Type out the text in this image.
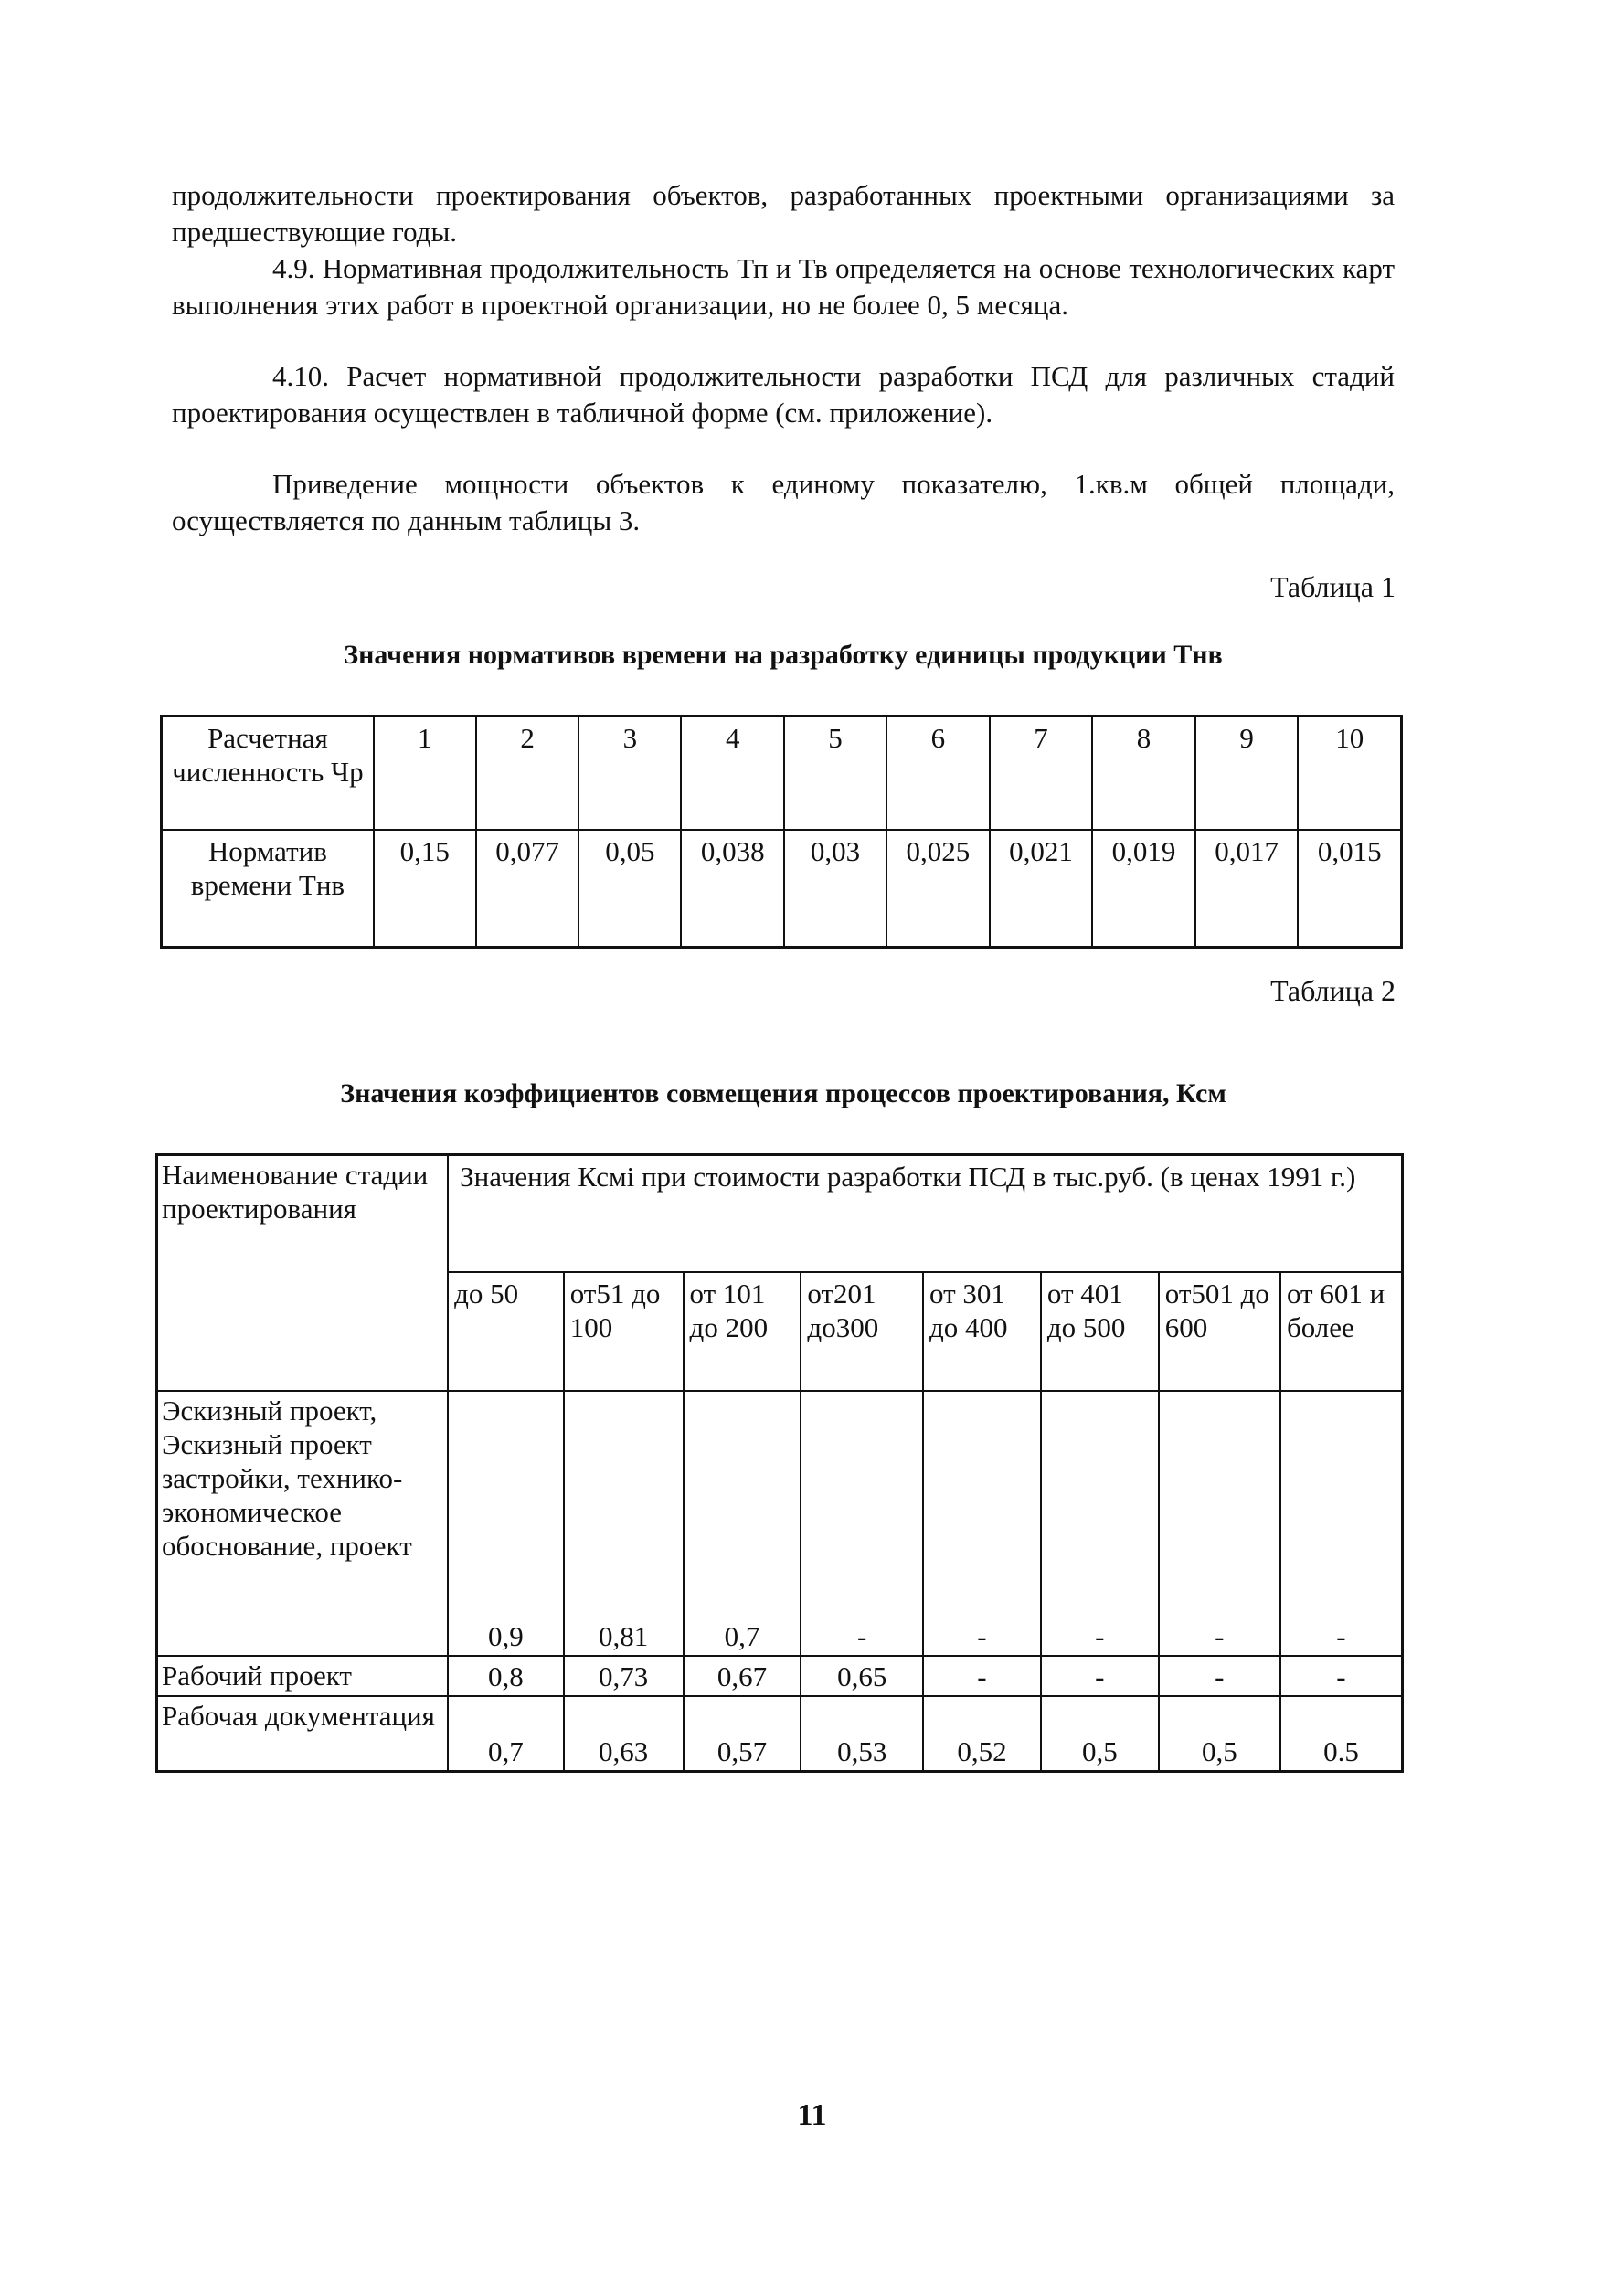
продолжительности проектирования объектов, разработанных проектными организациями за предшествующие годы.

4.9. Нормативная продолжительность Тп и Тв определяется на основе технологических карт выполнения этих работ в проектной организации, но не более 0, 5 месяца.

4.10. Расчет нормативной продолжительности разработки ПСД для различных стадий проектирования осуществлен в табличной форме (см. приложение).

Приведение мощности объектов к единому показателю, 1.кв.м общей площади, осуществляется по данным таблицы 3.

Таблица 1

Значения нормативов времени на разработку единицы продукции Тнв

Расчетная численность Чр	1	2	3	4	5	6	7	8	9	10
Норматив времени Тнв	0,15	0,077	0,05	0,038	0,03	0,025	0,021	0,019	0,017	0,015

Таблица 2

Значения коэффициентов совмещения процессов проектирования, Ксм

Наименование стадии проектирования	Значения Ксмi при стоимости разработки ПСД в тыс.руб. (в ценах 1991 г.)							
	до 50	от51 до 100	от 101 до 200	от201 до300	от 301 до 400	от 401 до 500	от501 до 600	от 601 и более
Эскизный проект, Эскизный проект застройки, технико-экономическое обоснование, проект	0,9	0,81	0,7	-	-	-	-	-
Рабочий проект	0,8	0,73	0,67	0,65	-	-	-	-
Рабочая документация	0,7	0,63	0,57	0,53	0,52	0,5	0,5	0.5

11
